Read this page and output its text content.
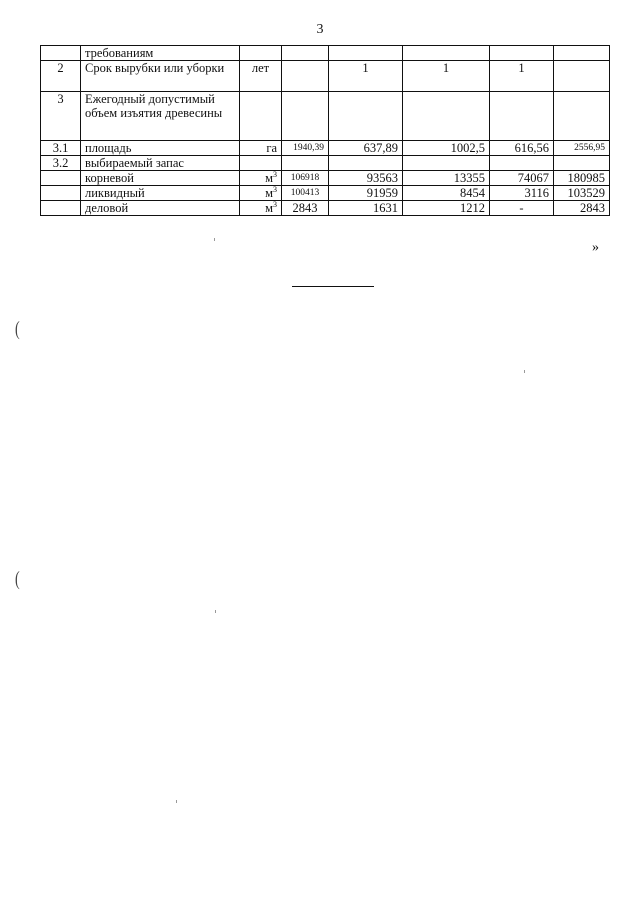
3
	требованиям						
2	Срок вырубки или уборки	лет		1	1	1	
3	Ежегодный допустимый объем изъятия древесины						
3.1	площадь	га	1940,39	637,89	1002,5	616,56	2556,95
3.2	выбираемый запас						
	корневой	$м^3$	106918	93563	13355	74067	180985
	ликвидный	$м^3$	100413	91959	8454	3116	103529
	деловой	$м^3$	2843	1631	1212	-	2843
»
(
(
